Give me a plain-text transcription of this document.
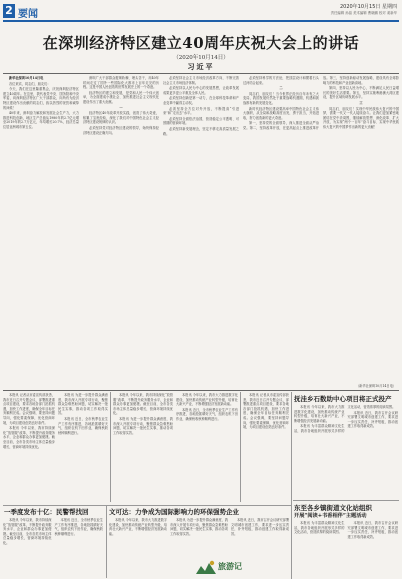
2 要闻
2020年10月15日 星期四
责任编辑 孙晶 美术编辑 曹晓鹏 校对 姜新华
在深圳经济特区建立40周年庆祝大会上的讲话
（2020年10月14日）
习近平

新华社深圳10月14日电

各位来宾，同志们，朋友们：

今天，我们在这里隆重集会，庆祝深圳经济特区建立40周年。在这里，我代表党中央、国务院和中央军委，向深圳经济特区广大干部群众，向所有为经济特区建设作出贡献的同志们，致以热烈的祝贺和诚挚的问候！

40年来，深圳奋力解放和发展社会生产力，大力推进科技创新，地区生产总值从1980年的2.7亿元增至2019年的2.7万亿元，年均增长20.7%，经济总量位居亚洲城市第五位。

深圳广大干部群众披荆斩棘、埋头苦干，用40年时间走过了国外一些国际化大都市上百年走完的历程。这是中国人民创造的世界发展史上的一个奇迹。

经济特区的建立和发展，是党和人民一个伟大创举，为全面建成小康社会、加快推进社会主义现代化建设作出了重大贡献。

一

经济特区40年改革开放实践，创造了伟大奇迹，积累了宝贵经验，深化了我们对中国特色社会主义经济特区建设规律的认识。

必须坚持党对经济特区建设的领导，始终保持经济特区建设正确方向。

必须坚持社会主义市场经济改革方向，不断完善社会主义市场经济体制。

必须坚持以人民为中心的发展思想，让改革发展成果更多更公平惠及全体人民。

必须坚持创新是第一动力，在全球科技革命和产业变革中赢得主动权。

必须坚持全方位对外开放，不断提高“引进来”和“走出去”水平。

必须坚持全面依法治国，营造稳定公平透明、可预期的营商环境。

必须坚持新发展理念，坚定不移走高质量发展之路。

必须坚持科学的方法论，把顶层设计和摸着石头过河结合起来。

二

同志们、朋友们！当今世界正经历百年未有之大变局，我国发展仍然处于重要战略机遇期，机遇和挑战都有新的发展变化。

新时代经济特区建设要高举中国特色社会主义伟大旗帜，从全局和战略高度出发，勇于担当，开拓进取，努力创造新的更大奇迹。

第一，坚持党的全面领导，深入推进全面从严治党。第二，坚持改革开放，在更高起点上推进改革开放。第三，坚持创新驱动发展战略，建设具有全球影响力的科技和产业创新高地。

第四，坚持以人民为中心，不断满足人民日益增长的美好生活需要。第五，坚持实施粤港澳大湾区建设，提升区域协调发展水平。

三

同志们、朋友们！实现中华民族伟大复兴的中国梦，需要一代又一代人接续奋斗。让我们更加紧密地团结在党中央周围，继续解放思想、深化改革、扩大开放，为实现“两个一百年”奋斗目标、实现中华民族伟大复兴的中国梦作出新的更大贡献！

（新华社深圳10月14日电）

本报讯 记者从市委宣传部获悉，我市近日召开专题会议，部署推进重点项目建设，要求各地各部门抢抓机遇，加快工作进度，确保全年目标任务顺利完成。会议强调，要坚持问题导向，强化要素保障，优化营商环境，为项目建设创造良好条件。

本报讯 今年以来，我市持续深化“放管服”改革，不断提升政务服务水平，企业和群众办事更加便捷。截至目前，全市各类市场主体总量稳步增长，营商环境持续优化。

本报讯 为进一步提升群众满意度，我市深入开展专项行动，聚焦群众急难愁盼问题，切实解决一批民生实事，推动各项工作取得实效。

本报讯 近日，全市秋季农业生产工作有序推进，各地抢抓晴好天气，组织农机下田作业，确保秋收秋种顺利进行。

本报讯 今年以来，我市持续深化“放管服”改革，不断提升政务服务水平，企业和群众办事更加便捷。截至目前，全市各类市场主体总量稳步增长，营商环境持续优化。

本报讯 为进一步提升群众满意度，我市深入开展专项行动，聚焦群众急难愁盼问题，切实解决一批民生实事，推动各项工作取得实效。

本报讯 今年以来，我市大力推进数字化建设，加快推动传统产业转型升级，培育壮大新兴产业，不断增强经济发展新动能。

本报讯 近日，全市秋季农业生产工作有序推进，各地抢抓晴好天气，组织农机下田作业，确保秋收秋种顺利进行。

本报讯 记者从市委宣传部获悉，我市近日召开专题会议，部署推进重点项目建设，要求各地各部门抢抓机遇，加快工作进度，确保全年目标任务顺利完成。会议强调，要坚持问题导向，强化要素保障，优化营商环境，为项目建设创造良好条件。

抚洼乡石数助中心项目将正式投产

本报讯 今年以来，我市大力推进数字化建设，加快推动传统产业转型升级，培育壮大新兴产业，不断增强经济发展新动能。

本报讯 为丰富群众精神文化生活，我市各地组织开展形式多样的文化活动，营造浓厚的阅读氛围。

本报讯 近日，我市召开会议研究部署文明城市创建工作，要求进一步压实责任，补齐短板，推动创建工作取得新成效。

一季度发布十亿：民警帮找回

本报讯 今年以来，我市持续深化“放管服”改革，不断提升政务服务水平，企业和群众办事更加便捷。截至目前，全市各类市场主体总量稳步增长，营商环境持续优化。

本报讯 近日，全市秋季农业生产工作有序推进，各地抢抓晴好天气，组织农机下田作业，确保秋收秋种顺利进行。

文可达：力争成为国际影响力的环保强势企业

本报讯 今年以来，我市大力推进数字化建设，加快推动传统产业转型升级，培育壮大新兴产业，不断增强经济发展新动能。

本报讯 为进一步提升群众满意度，我市深入开展专项行动，聚焦群众急难愁盼问题，切实解决一批民生实事，推动各项工作取得实效。

本报讯 近日，我市召开会议研究部署文明城市创建工作，要求进一步压实责任，补齐短板，推动创建工作取得新成效。

东至各乡镇街道文化站组织
开展“阅读+书香相伴”主题活动

本报讯 为丰富群众精神文化生活，我市各地组织开展形式多样的文化活动，营造浓厚的阅读氛围。

本报讯 近日，我市召开会议研究部署文明城市创建工作，要求进一步压实责任，补齐短板，推动创建工作取得新成效。

旅游记
